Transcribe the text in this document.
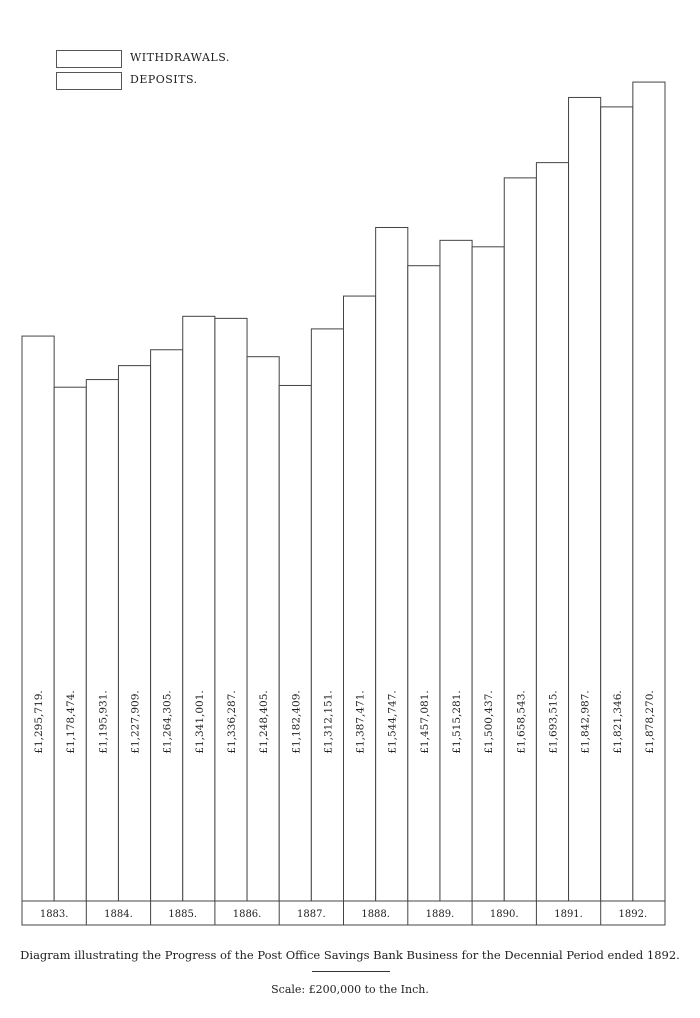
WITHDRAWALS.
DEPOSITS.
£1,295,719. £1,178,474. £1,195,931. £1,227,909. £1,264,305. £1,341,001. £1,336,287. £1,248,405. £1,182,409. £1,312,151. £1,387,471. £1,544,747. £1,457,081. £1,515,281. £1,500,437. £1,658,543. £1,693,515. £1,842,987. £1,821,346. £1,878,270.
1883.	1884.	1885.	1886.	1887.	1888.	1889.	1890.	1891.	1892.
Diagram illustrating the Progress of the Post Office Savings Bank Business for the Decennial Period ended 1892.
Scale: £200,000 to the Inch.
